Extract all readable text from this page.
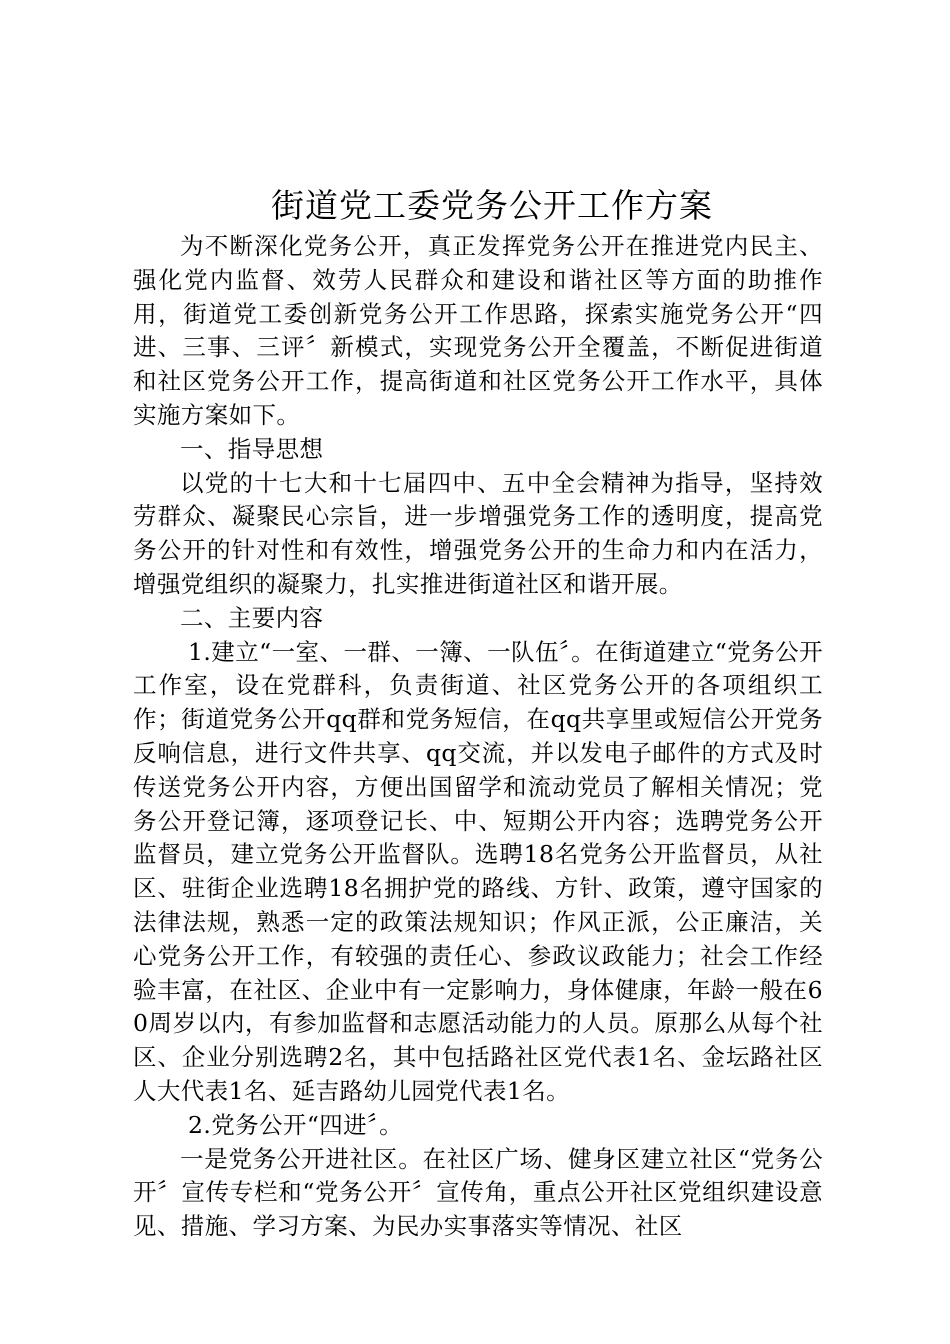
街道党工委党务公开工作方案

为不断深化党务公开，真正发挥党务公开在推进党内民主、强化党内监督、效劳人民群众和建设和谐社区等方面的助推作用，街道党工委创新党务公开工作思路，探索实施党务公开“四进、三事、三评〞新模式，实现党务公开全覆盖，不断促进街道和社区党务公开工作，提高街道和社区党务公开工作水平，具体实施方案如下。

一、指导思想

以党的十七大和十七届四中、五中全会精神为指导，坚持效劳群众、凝聚民心宗旨，进一步增强党务工作的透明度，提高党务公开的针对性和有效性，增强党务公开的生命力和内在活力，增强党组织的凝聚力，扎实推进街道社区和谐开展。

二、主要内容

1.建立“一室、一群、一簿、一队伍〞。在街道建立“党务公开工作室，设在党群科，负责街道、社区党务公开的各项组织工作；街道党务公开qq群和党务短信，在qq共享里或短信公开党务反响信息，进行文件共享、qq交流，并以发电子邮件的方式及时传送党务公开内容，方便出国留学和流动党员了解相关情况；党务公开登记簿，逐项登记长、中、短期公开内容；选聘党务公开监督员，建立党务公开监督队。选聘18名党务公开监督员，从社区、驻街企业选聘18名拥护党的路线、方针、政策，遵守国家的法律法规，熟悉一定的政策法规知识；作风正派，公正廉洁，关心党务公开工作，有较强的责任心、参政议政能力；社会工作经验丰富，在社区、企业中有一定影响力，身体健康，年龄一般在60周岁以内，有参加监督和志愿活动能力的人员。原那么从每个社区、企业分别选聘2名，其中包括路社区党代表1名、金坛路社区人大代表1名、延吉路幼儿园党代表1名。

2.党务公开“四进〞。

一是党务公开进社区。在社区广场、健身区建立社区“党务公开〞宣传专栏和“党务公开〞宣传角，重点公开社区党组织建设意见、措施、学习方案、为民办实事落实等情况、社区
